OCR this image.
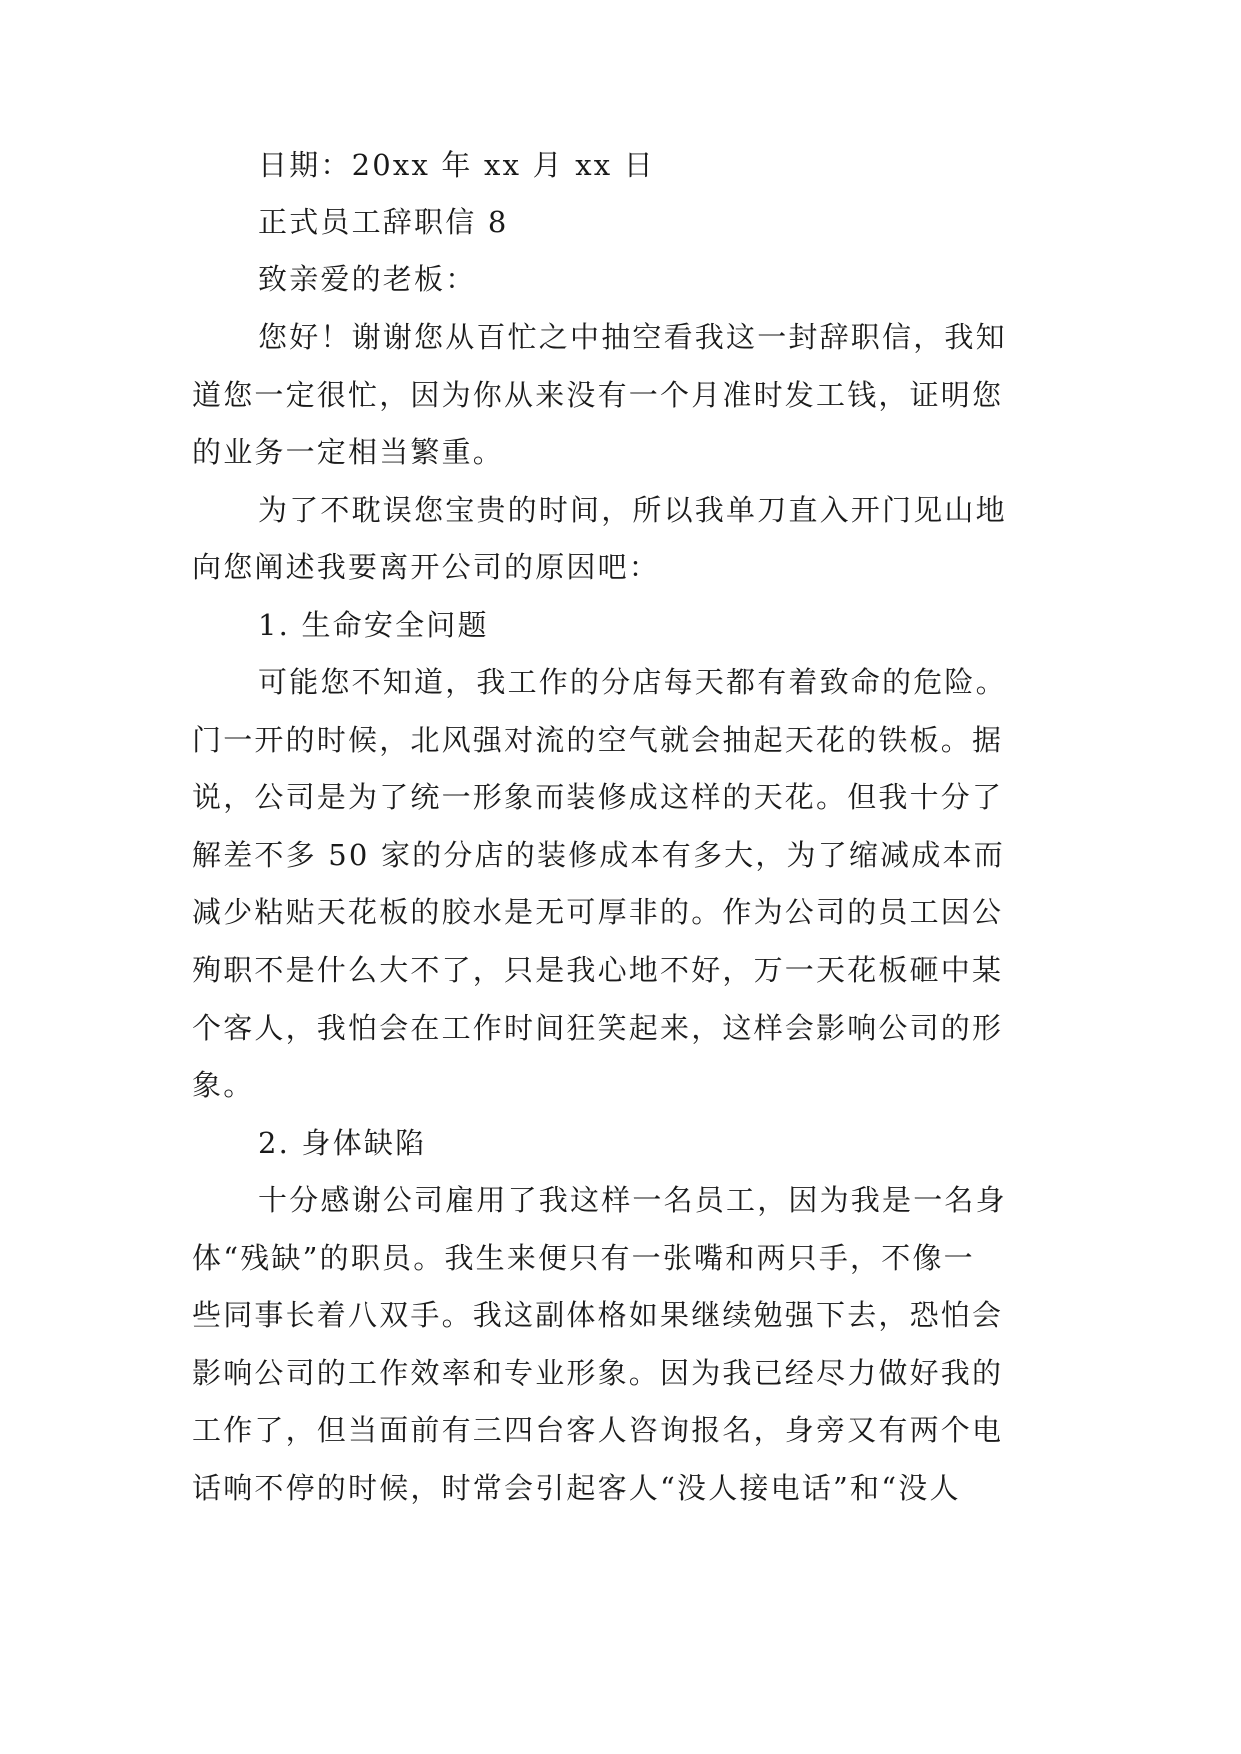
日期：20xx 年 xx 月 xx 日
正式员工辞职信 8
致亲爱的老板：
您好！谢谢您从百忙之中抽空看我这一封辞职信，我知
道您一定很忙，因为你从来没有一个月准时发工钱，证明您
的业务一定相当繁重。
为了不耽误您宝贵的时间，所以我单刀直入开门见山地
向您阐述我要离开公司的原因吧：
1. 生命安全问题
可能您不知道，我工作的分店每天都有着致命的危险。
门一开的时候，北风强对流的空气就会抽起天花的铁板。据
说，公司是为了统一形象而装修成这样的天花。但我十分了
解差不多 50 家的分店的装修成本有多大，为了缩减成本而
减少粘贴天花板的胶水是无可厚非的。作为公司的员工因公
殉职不是什么大不了，只是我心地不好，万一天花板砸中某
个客人，我怕会在工作时间狂笑起来，这样会影响公司的形
象。
2. 身体缺陷
十分感谢公司雇用了我这样一名员工，因为我是一名身
体“残缺”的职员。我生来便只有一张嘴和两只手，不像一
些同事长着八双手。我这副体格如果继续勉强下去，恐怕会
影响公司的工作效率和专业形象。因为我已经尽力做好我的
工作了，但当面前有三四台客人咨询报名，身旁又有两个电
话响不停的时候，时常会引起客人“没人接电话”和“没人
